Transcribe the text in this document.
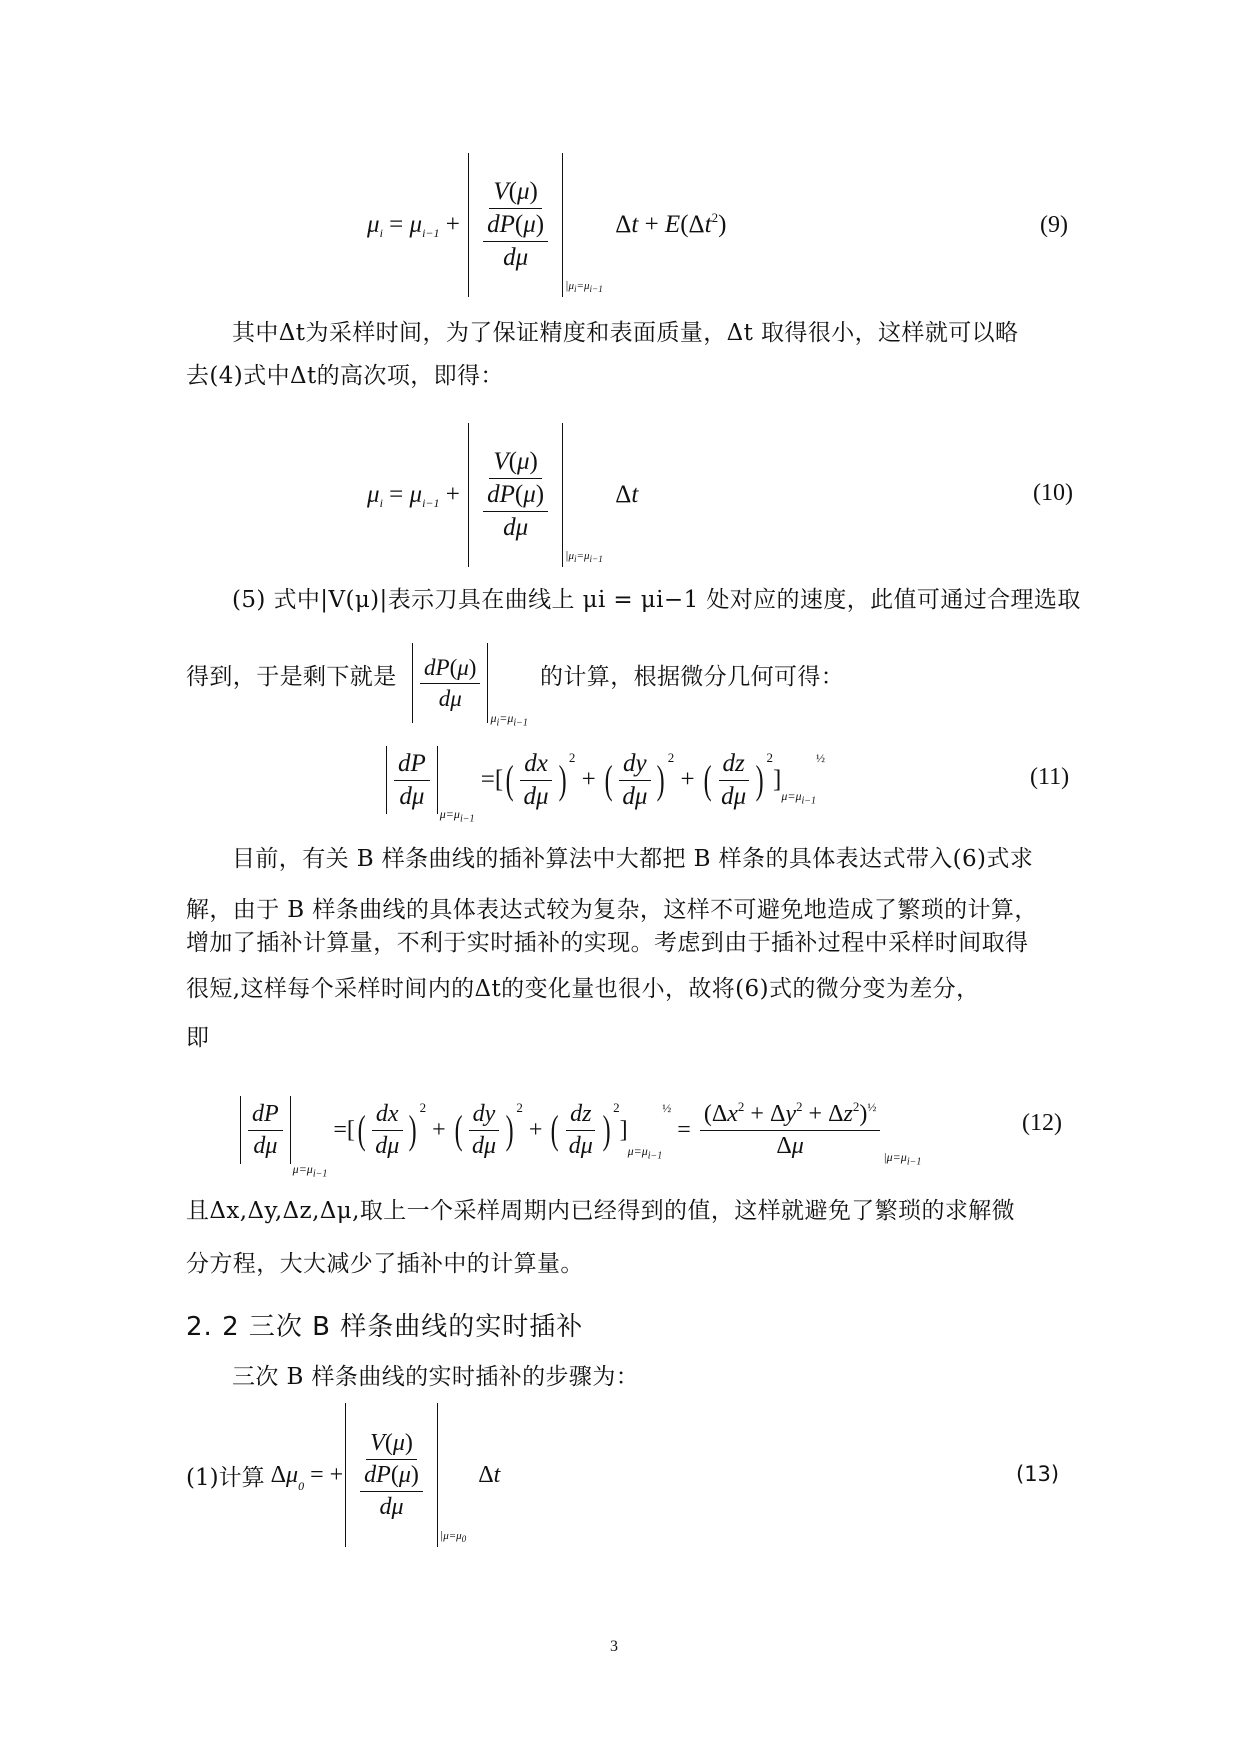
μ i = μ $i-1 + \frac{V(\mu)}{\frac{dP(\mu)}{d\mu}}$
$|\mu_i=\mu_{i-1}$
$\Delta t + E(\Delta t^2)$	(9)
其中Δt为采样时间，为了保证精度和表面质量，Δt 取得很小，这样就可以略
去(4)式中Δt的高次项，即得：
μ i = μ $i-1 + \frac{V(\mu)}{\frac{dP(\mu)}{d\mu}}$
$|\mu_i=\mu_{i-1}$
Δt	(10)
(5) 式中|V(μ)|表示刀具在曲线上 μi = μi−1 处对应的速度，此值可通过合理选取
得到，于是剩下就是 $\frac{dP(\mu)}{d\mu}$
$\mu_i=\mu_{i-1}$
的计算，根据微分几何可得：
$\frac{dP}{d\mu}$
$\mu=\mu_{i-1}$
=[ ( $\frac{dx}{d\mu}$ ) 2
+ ( $\frac{dy}{d\mu}$ ) 2
+ ( $\frac{dz}{d\mu}$ ) 2
]
$\mu=\mu_{i-1}$
½
(11)
目前，有关 B 样条曲线的插补算法中大都把 B 样条的具体表达式带入(6)式求
解，由于 B 样条曲线的具体表达式较为复杂，这样不可避免地造成了繁琐的计算，
增加了插补计算量，不利于实时插补的实现。考虑到由于插补过程中采样时间取得
很短,这样每个采样时间内的Δt的变化量也很小，故将(6)式的微分变为差分，
即
$\frac{dP}{d\mu}$
$\mu=\mu_{i-1}$
=[ ( $\frac{dx}{d\mu}$ ) 2
+ ( $\frac{dy}{d\mu}$ ) 2
+ ( $\frac{dz}{d\mu}$ ) 2
]
$\mu=\mu_{i-1}$
½
= $\frac{(\Delta x^2 + \Delta y^2 + \Delta z^2)^{\frac{1}{2}}}{\Delta\mu} |\mu=\mu_{i-1}$
(12)
且Δx,Δy,Δz,Δμ,取上一个采样周期内已经得到的值，这样就避免了繁琐的求解微
分方程，大大减少了插补中的计算量。
2. 2 三次 B 样条曲线的实时插补
三次 B 样条曲线的实时插补的步骤为：
(1)计算 $\Delta\mu_0$ = + $\frac{V(\mu)}{\frac{dP(\mu)}{d\mu}}$
$|\mu=\mu_0$
Δt	(13)
3
